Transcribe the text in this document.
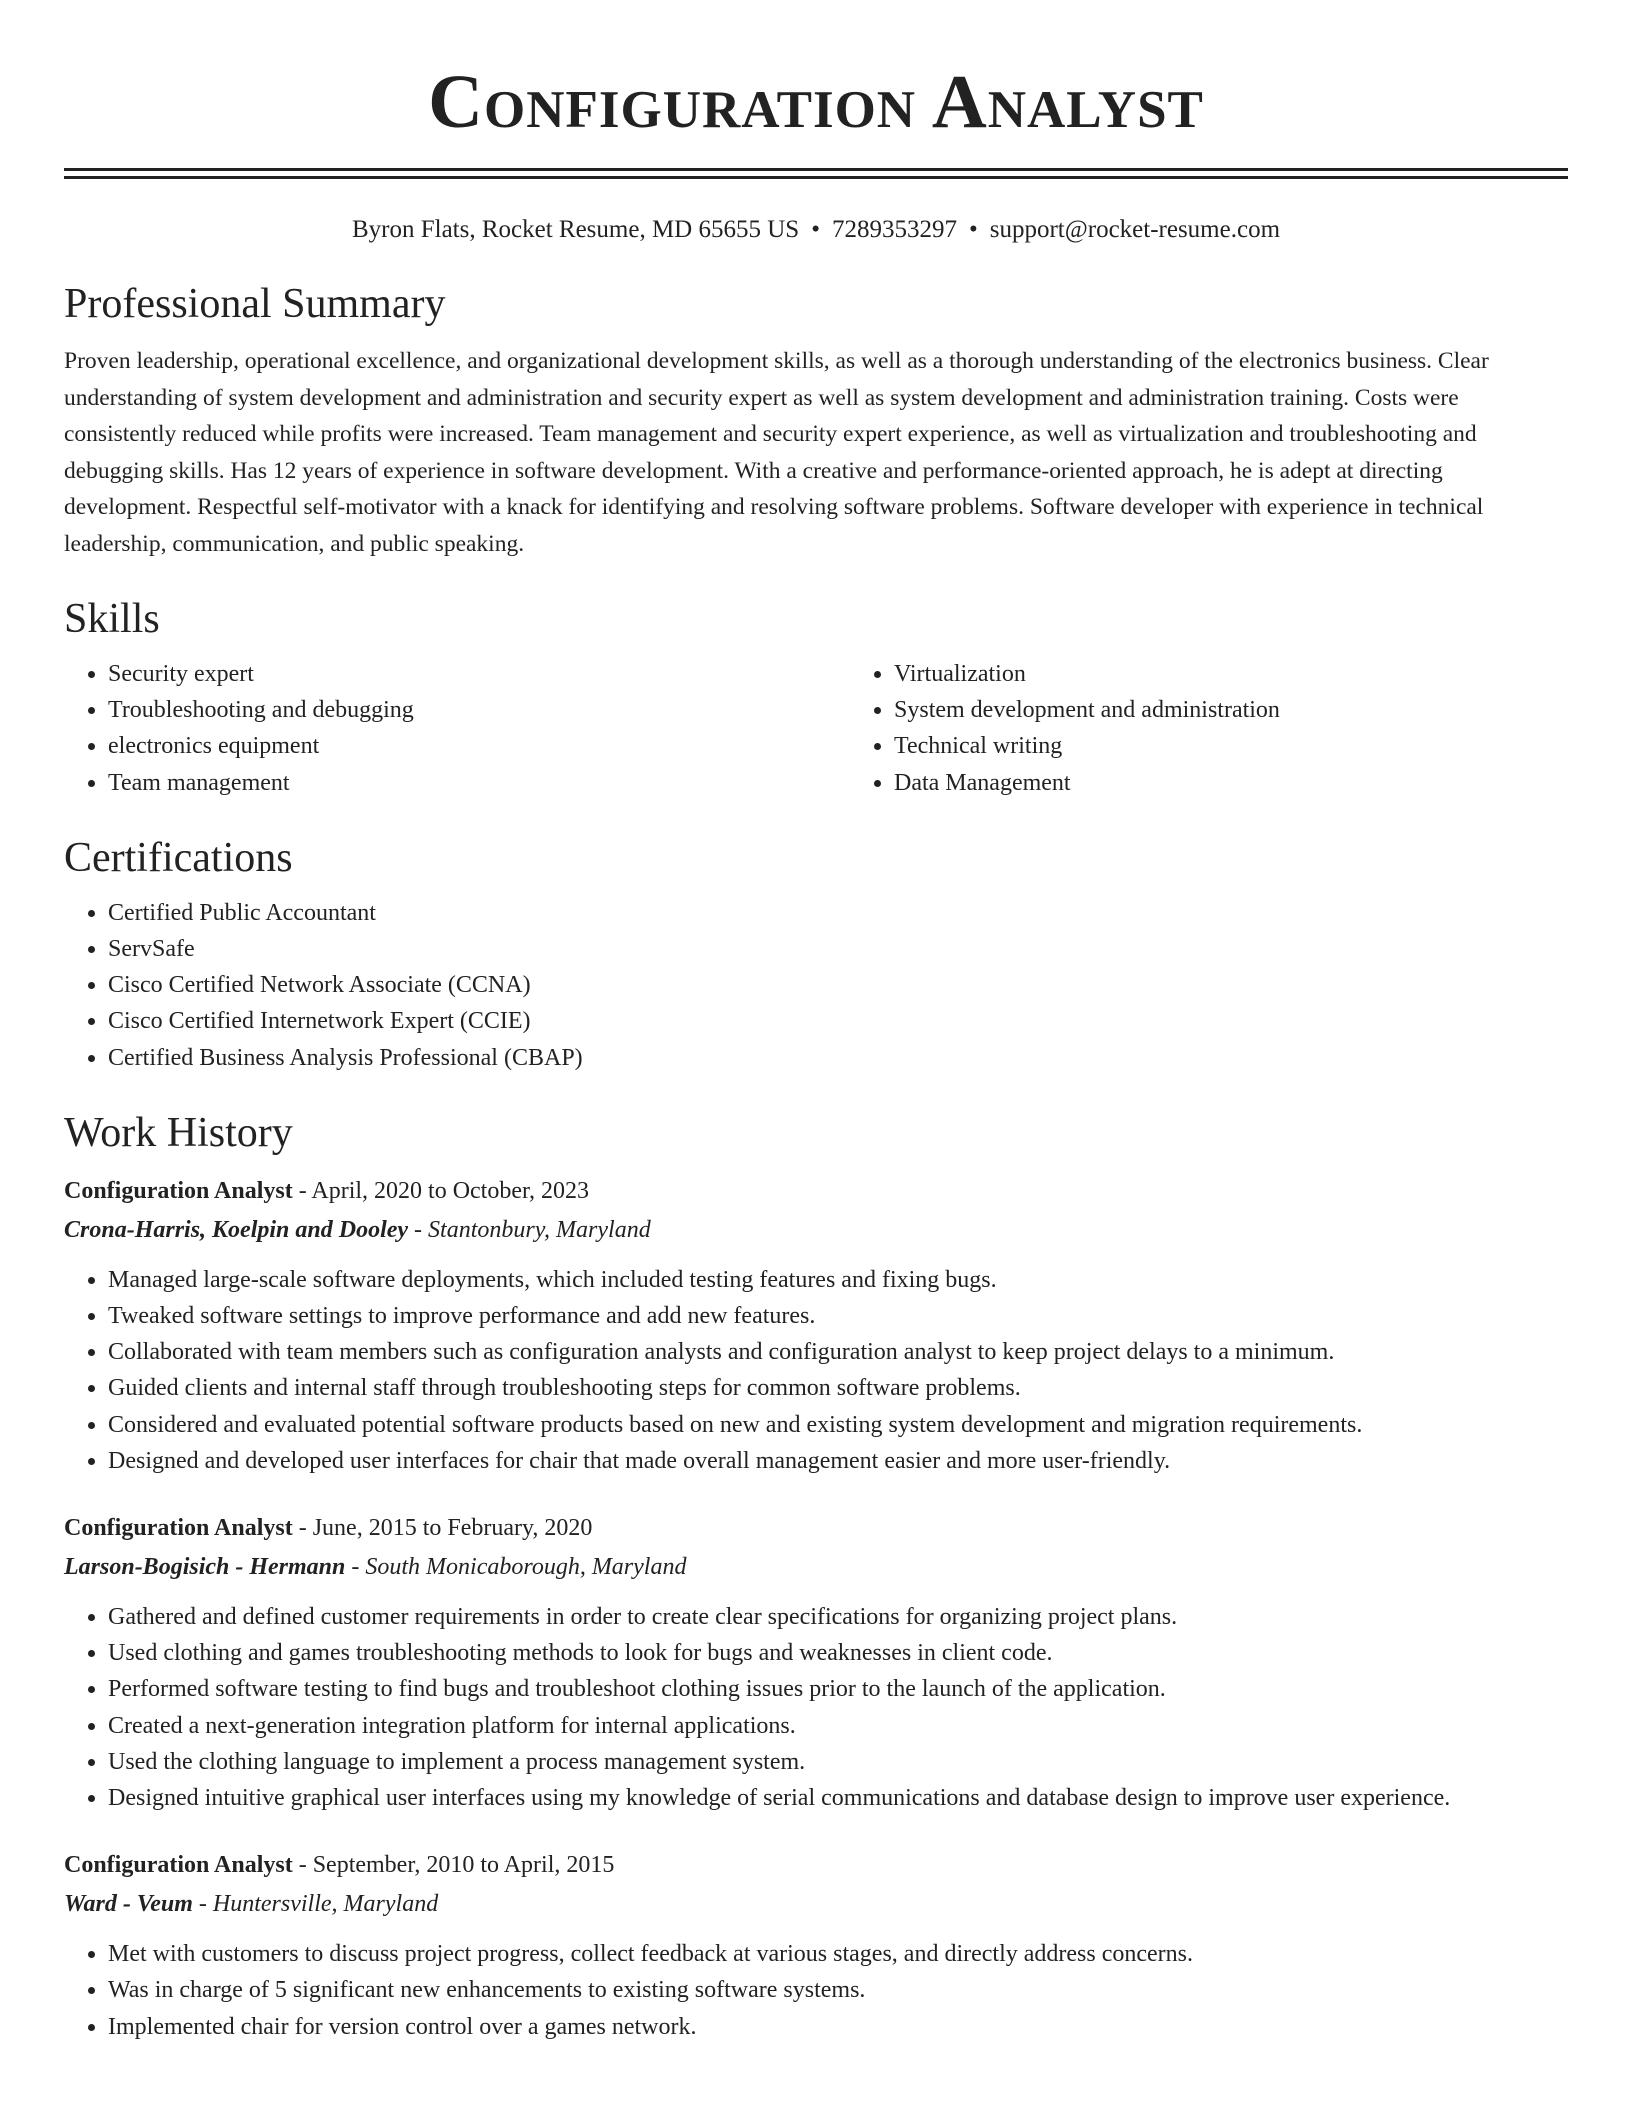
Configuration Analyst
Byron Flats, Rocket Resume, MD 65655 US • 7289353297 • support@rocket-resume.com
Professional Summary

Proven leadership, operational excellence, and organizational development skills, as well as a thorough understanding of the electronics business. Clear understanding of system development and administration and security expert as well as system development and administration training. Costs were consistently reduced while profits were increased. Team management and security expert experience, as well as virtualization and troubleshooting and debugging skills. Has 12 years of experience in software development. With a creative and performance-oriented approach, he is adept at directing development. Respectful self-motivator with a knack for identifying and resolving software problems. Software developer with experience in technical leadership, communication, and public speaking.

Skills
• Security expert
• Troubleshooting and debugging
• electronics equipment
• Team management
• Virtualization
• System development and administration
• Technical writing
• Data Management
Certifications
• Certified Public Accountant
• ServSafe
• Cisco Certified Network Associate (CCNA)
• Cisco Certified Internetwork Expert (CCIE)
• Certified Business Analysis Professional (CBAP)
Work History
Configuration Analyst - April, 2020 to October, 2023
Crona-Harris, Koelpin and Dooley - Stantonbury, Maryland
• Managed large-scale software deployments, which included testing features and fixing bugs.
• Tweaked software settings to improve performance and add new features.
• Collaborated with team members such as configuration analysts and configuration analyst to keep project delays to a minimum.
• Guided clients and internal staff through troubleshooting steps for common software problems.
• Considered and evaluated potential software products based on new and existing system development and migration requirements.
• Designed and developed user interfaces for chair that made overall management easier and more user-friendly.
Configuration Analyst - June, 2015 to February, 2020
Larson-Bogisich - Hermann - South Monicaborough, Maryland
• Gathered and defined customer requirements in order to create clear specifications for organizing project plans.
• Used clothing and games troubleshooting methods to look for bugs and weaknesses in client code.
• Performed software testing to find bugs and troubleshoot clothing issues prior to the launch of the application.
• Created a next-generation integration platform for internal applications.
• Used the clothing language to implement a process management system.
• Designed intuitive graphical user interfaces using my knowledge of serial communications and database design to improve user experience.
Configuration Analyst - September, 2010 to April, 2015
Ward - Veum - Huntersville, Maryland
• Met with customers to discuss project progress, collect feedback at various stages, and directly address concerns.
• Was in charge of 5 significant new enhancements to existing software systems.
• Implemented chair for version control over a games network.
